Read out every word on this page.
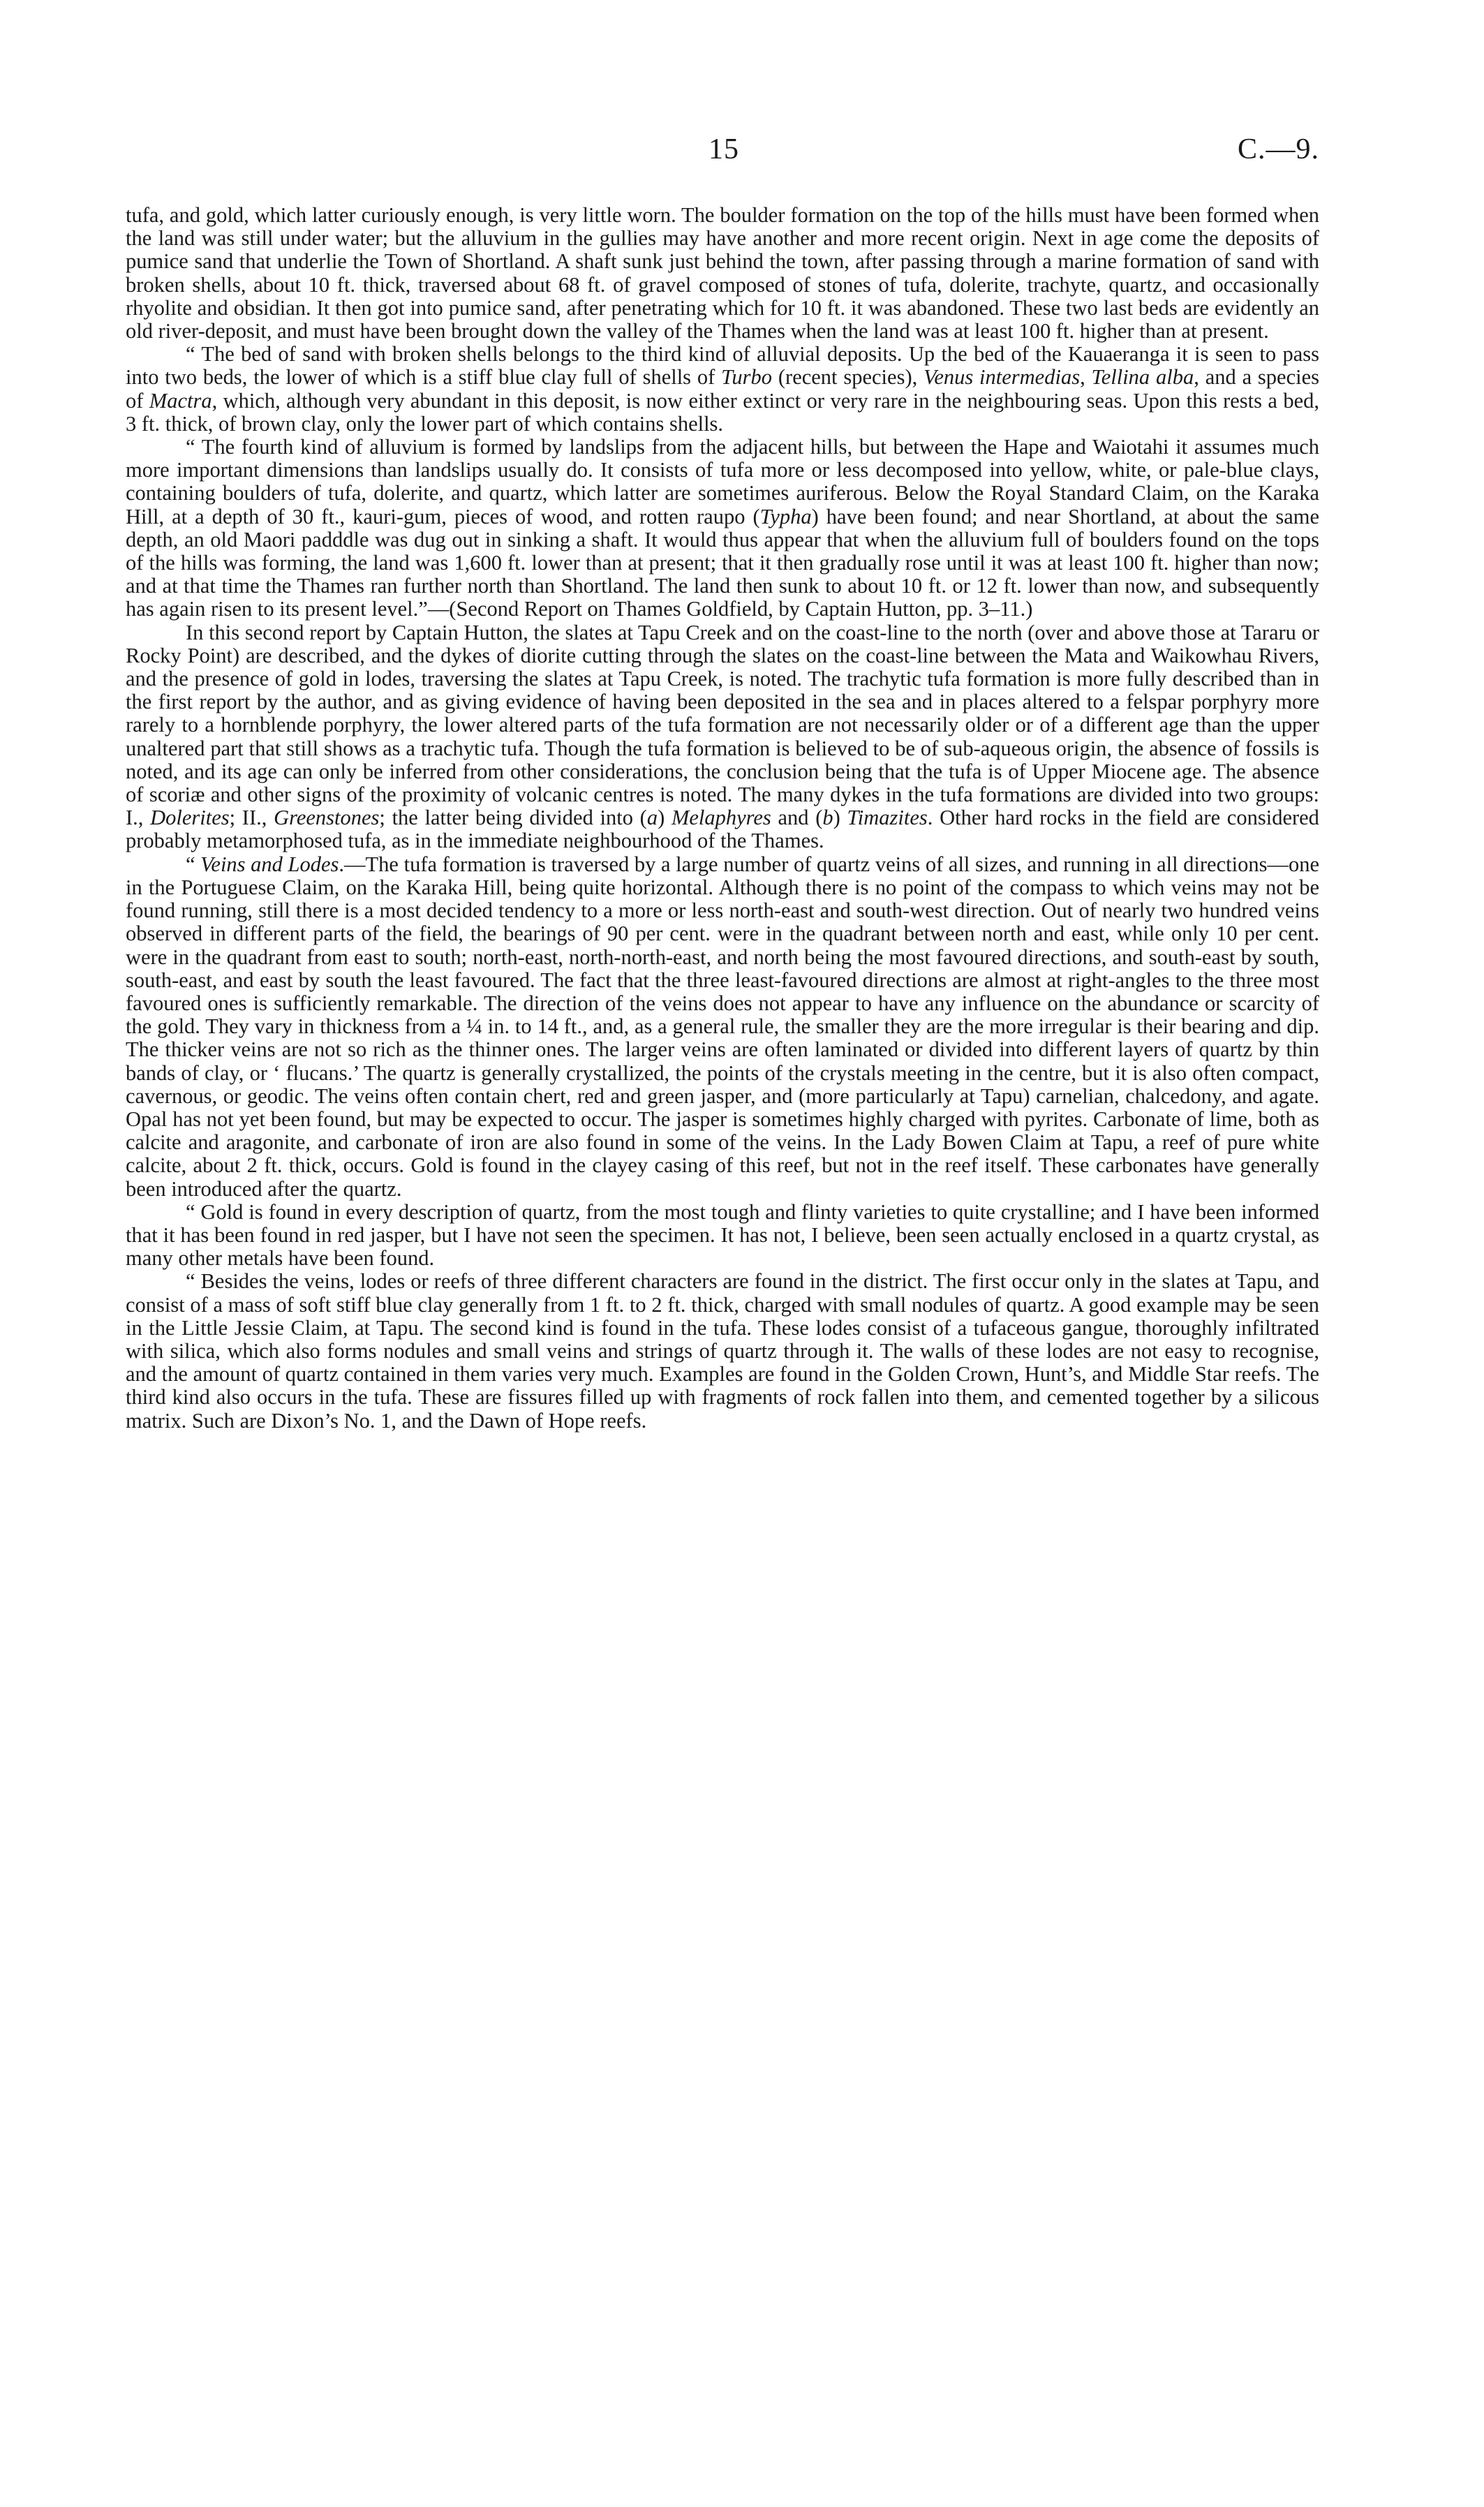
15	C.—9.

tufa, and gold, which latter curiously enough, is very little worn. The boulder formation on the top of the hills must have been formed when the land was still under water; but the alluvium in the gullies may have another and more recent origin. Next in age come the deposits of pumice sand that underlie the Town of Shortland. A shaft sunk just behind the town, after passing through a marine formation of sand with broken shells, about 10 ft. thick, traversed about 68 ft. of gravel composed of stones of tufa, dolerite, trachyte, quartz, and occasionally rhyolite and obsidian. It then got into pumice sand, after penetrating which for 10 ft. it was abandoned. These two last beds are evidently an old river-deposit, and must have been brought down the valley of the Thames when the land was at least 100 ft. higher than at present.

“ The bed of sand with broken shells belongs to the third kind of alluvial deposits. Up the bed of the Kauaeranga it is seen to pass into two beds, the lower of which is a stiff blue clay full of shells of Turbo (recent species), Venus intermedias, Tellina alba, and a species of Mactra, which, although very abundant in this deposit, is now either extinct or very rare in the neighbouring seas. Upon this rests a bed, 3 ft. thick, of brown clay, only the lower part of which contains shells.

“ The fourth kind of alluvium is formed by landslips from the adjacent hills, but between the Hape and Waiotahi it assumes much more important dimensions than landslips usually do. It consists of tufa more or less decomposed into yellow, white, or pale-blue clays, containing boulders of tufa, dolerite, and quartz, which latter are sometimes auriferous. Below the Royal Standard Claim, on the Karaka Hill, at a depth of 30 ft., kauri-gum, pieces of wood, and rotten raupo (Typha) have been found; and near Shortland, at about the same depth, an old Maori padddle was dug out in sinking a shaft. It would thus appear that when the alluvium full of boulders found on the tops of the hills was forming, the land was 1,600 ft. lower than at present; that it then gradually rose until it was at least 100 ft. higher than now; and at that time the Thames ran further north than Shortland. The land then sunk to about 10 ft. or 12 ft. lower than now, and subsequently has again risen to its present level.”—(Second Report on Thames Goldfield, by Captain Hutton, pp. 3–11.)

In this second report by Captain Hutton, the slates at Tapu Creek and on the coast-line to the north (over and above those at Tararu or Rocky Point) are described, and the dykes of diorite cutting through the slates on the coast-line between the Mata and Waikowhau Rivers, and the presence of gold in lodes, traversing the slates at Tapu Creek, is noted. The trachytic tufa formation is more fully described than in the first report by the author, and as giving evidence of having been deposited in the sea and in places altered to a felspar porphyry more rarely to a hornblende porphyry, the lower altered parts of the tufa formation are not necessarily older or of a different age than the upper unaltered part that still shows as a trachytic tufa. Though the tufa formation is believed to be of sub-aqueous origin, the absence of fossils is noted, and its age can only be inferred from other considerations, the conclusion being that the tufa is of Upper Miocene age. The absence of scoriæ and other signs of the proximity of volcanic centres is noted. The many dykes in the tufa formations are divided into two groups: I., Dolerites; II., Greenstones; the latter being divided into (a) Melaphyres and (b) Timazites. Other hard rocks in the field are considered probably metamorphosed tufa, as in the immediate neighbourhood of the Thames.

“ Veins and Lodes.—The tufa formation is traversed by a large number of quartz veins of all sizes, and running in all directions—one in the Portuguese Claim, on the Karaka Hill, being quite horizontal. Although there is no point of the compass to which veins may not be found running, still there is a most decided tendency to a more or less north-east and south-west direction. Out of nearly two hundred veins observed in different parts of the field, the bearings of 90 per cent. were in the quadrant between north and east, while only 10 per cent. were in the quadrant from east to south; north-east, north-north-east, and north being the most favoured directions, and south-east by south, south-east, and east by south the least favoured. The fact that the three least-favoured directions are almost at right-angles to the three most favoured ones is sufficiently remarkable. The direction of the veins does not appear to have any influence on the abundance or scarcity of the gold. They vary in thickness from a ¼ in. to 14 ft., and, as a general rule, the smaller they are the more irregular is their bearing and dip. The thicker veins are not so rich as the thinner ones. The larger veins are often laminated or divided into different layers of quartz by thin bands of clay, or ‘ flucans.’ The quartz is generally crystallized, the points of the crystals meeting in the centre, but it is also often compact, cavernous, or geodic. The veins often contain chert, red and green jasper, and (more particularly at Tapu) carnelian, chalcedony, and agate. Opal has not yet been found, but may be expected to occur. The jasper is sometimes highly charged with pyrites. Carbonate of lime, both as calcite and aragonite, and carbonate of iron are also found in some of the veins. In the Lady Bowen Claim at Tapu, a reef of pure white calcite, about 2 ft. thick, occurs. Gold is found in the clayey casing of this reef, but not in the reef itself. These carbonates have generally been introduced after the quartz.

“ Gold is found in every description of quartz, from the most tough and flinty varieties to quite crystalline; and I have been informed that it has been found in red jasper, but I have not seen the specimen. It has not, I believe, been seen actually enclosed in a quartz crystal, as many other metals have been found.

“ Besides the veins, lodes or reefs of three different characters are found in the district. The first occur only in the slates at Tapu, and consist of a mass of soft stiff blue clay generally from 1 ft. to 2 ft. thick, charged with small nodules of quartz. A good example may be seen in the Little Jessie Claim, at Tapu. The second kind is found in the tufa. These lodes consist of a tufaceous gangue, thoroughly infiltrated with silica, which also forms nodules and small veins and strings of quartz through it. The walls of these lodes are not easy to recognise, and the amount of quartz contained in them varies very much. Examples are found in the Golden Crown, Hunt’s, and Middle Star reefs. The third kind also occurs in the tufa. These are fissures filled up with fragments of rock fallen into them, and cemented together by a silicous matrix. Such are Dixon’s No. 1, and the Dawn of Hope reefs.
